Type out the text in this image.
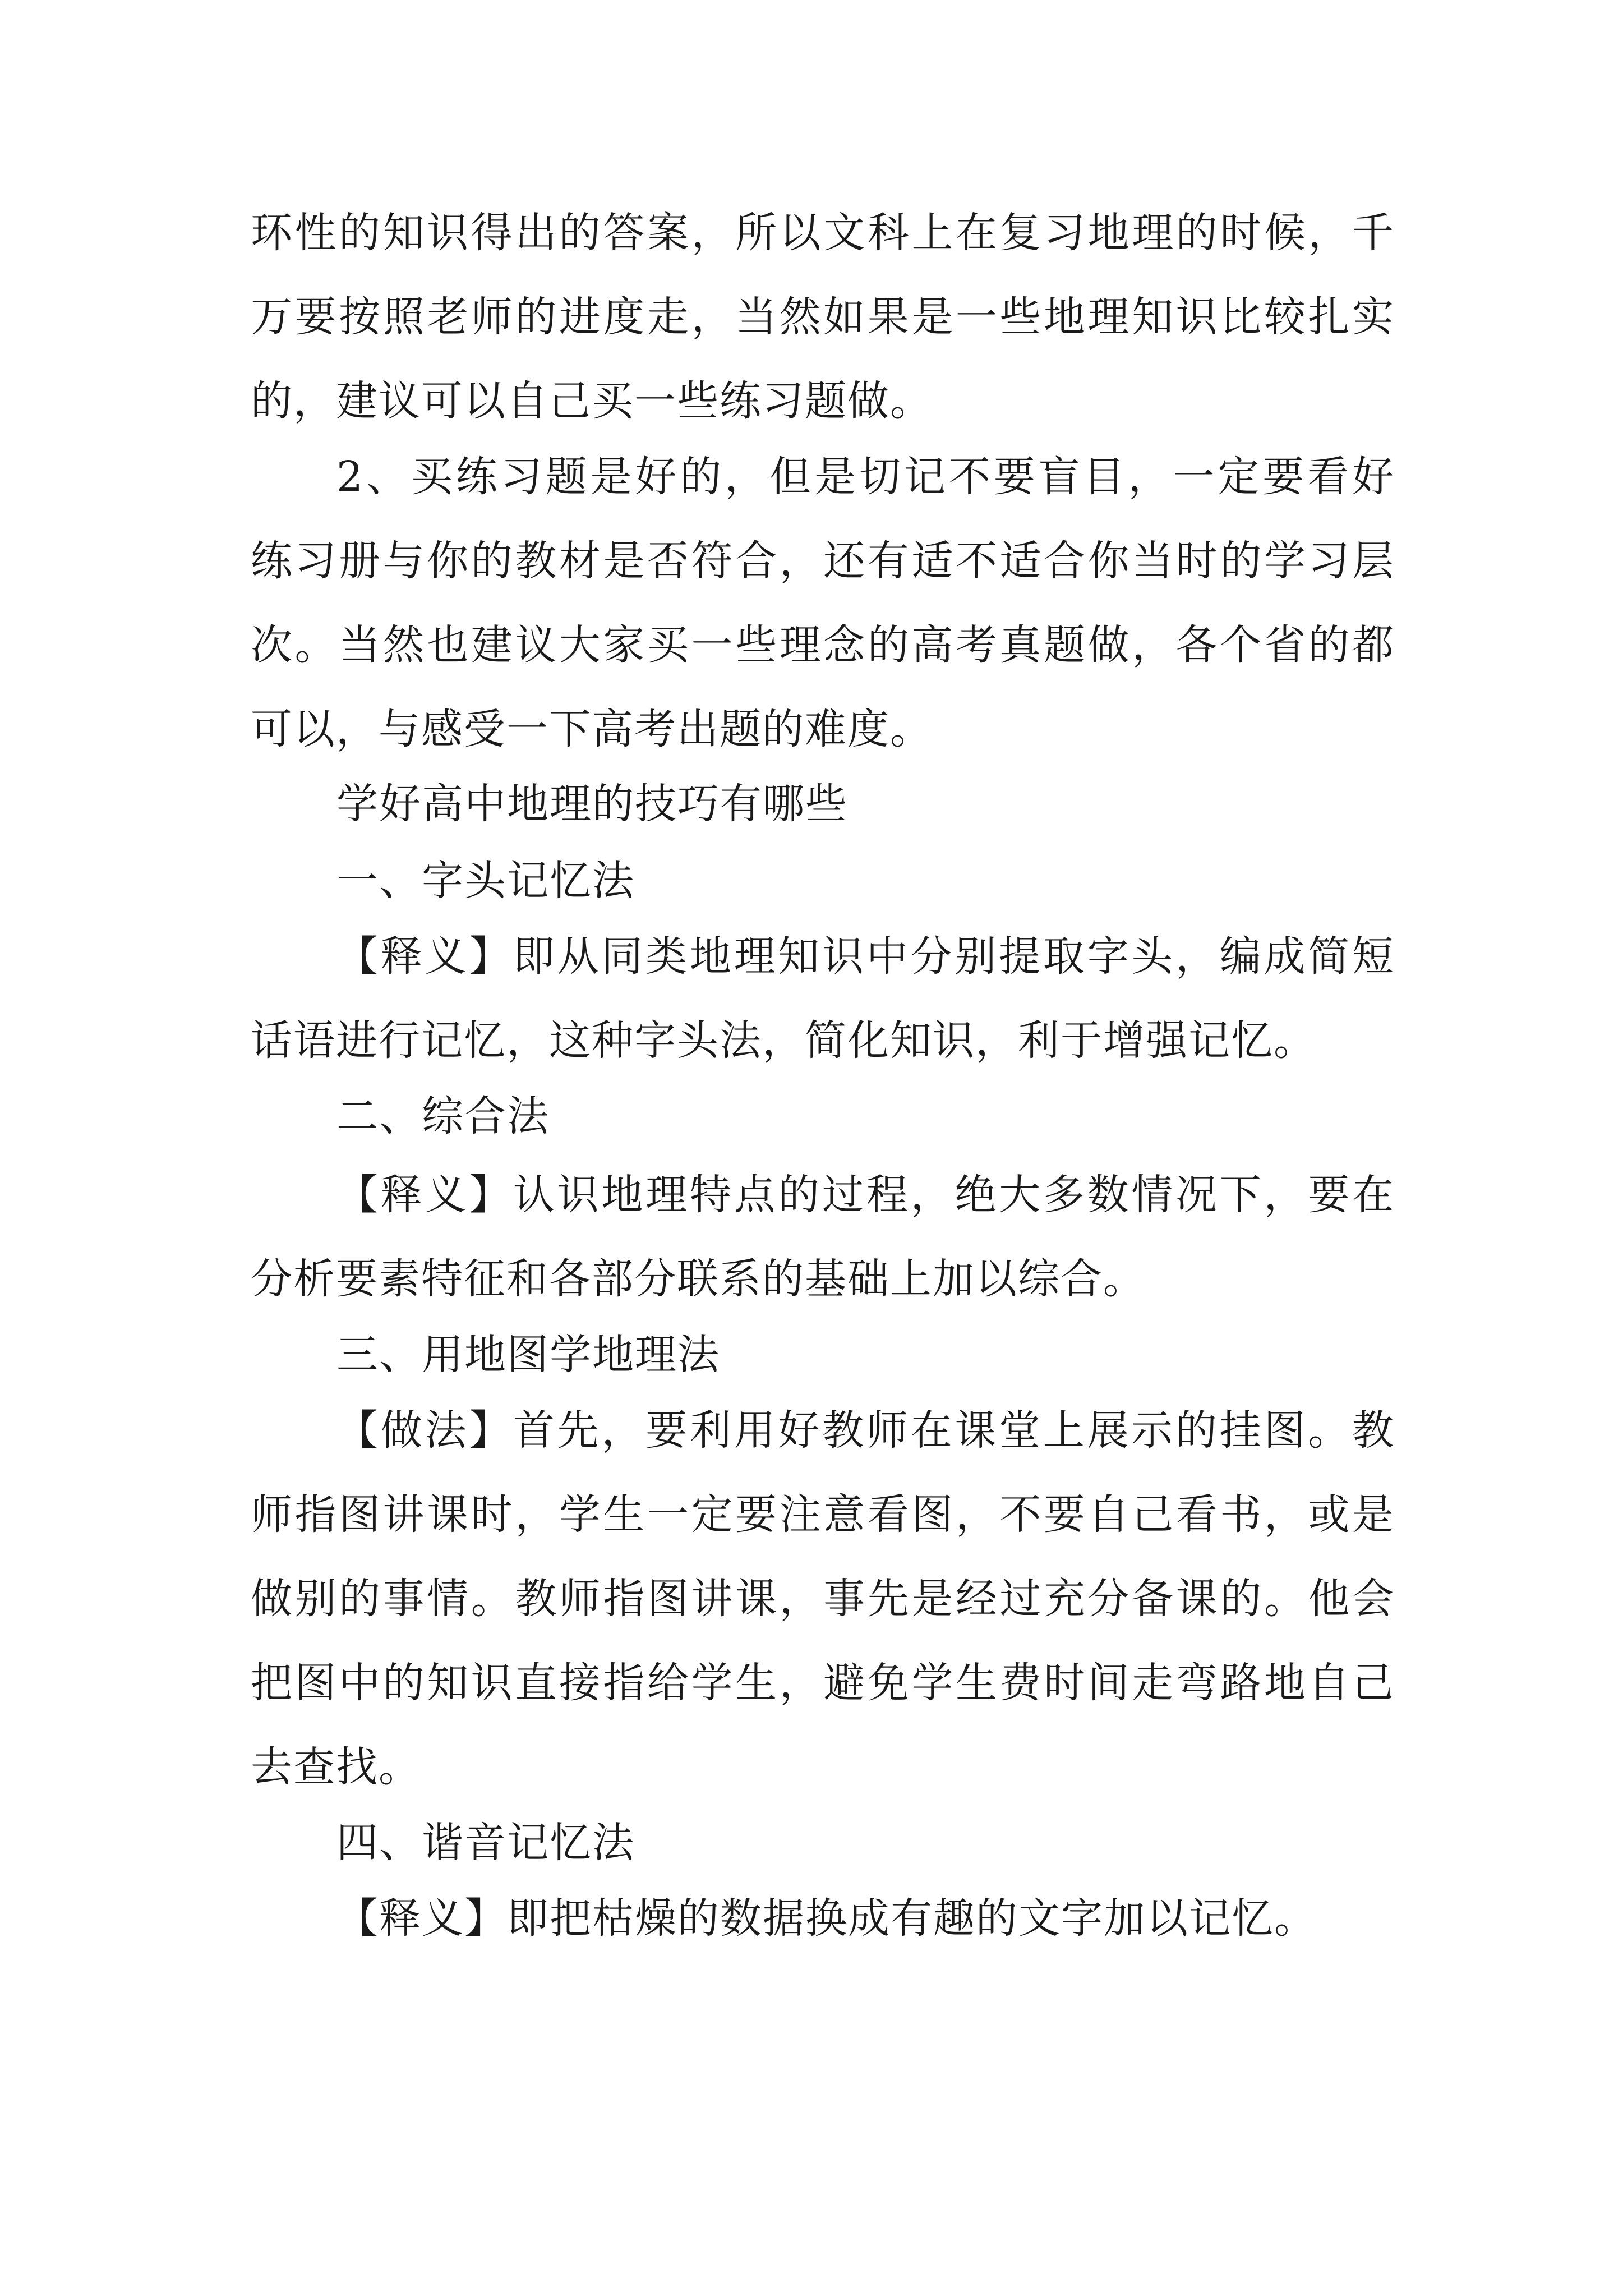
环性的知识得出的答案，所以文科上在复习地理的时候，千
万要按照老师的进度走，当然如果是一些地理知识比较扎实
的，建议可以自己买一些练习题做。
2、买练习题是好的，但是切记不要盲目，一定要看好
练习册与你的教材是否符合，还有适不适合你当时的学习层
次。当然也建议大家买一些理念的高考真题做，各个省的都
可以，与感受一下高考出题的难度。
学好高中地理的技巧有哪些
一、字头记忆法
【释义】即从同类地理知识中分别提取字头，编成简短
话语进行记忆，这种字头法，简化知识，利于增强记忆。
二、综合法
【释义】认识地理特点的过程，绝大多数情况下，要在
分析要素特征和各部分联系的基础上加以综合。
三、用地图学地理法
【做法】首先，要利用好教师在课堂上展示的挂图。教
师指图讲课时，学生一定要注意看图，不要自己看书，或是
做别的事情。教师指图讲课，事先是经过充分备课的。他会
把图中的知识直接指给学生，避免学生费时间走弯路地自己
去查找。
四、谐音记忆法
【释义】即把枯燥的数据换成有趣的文字加以记忆。
